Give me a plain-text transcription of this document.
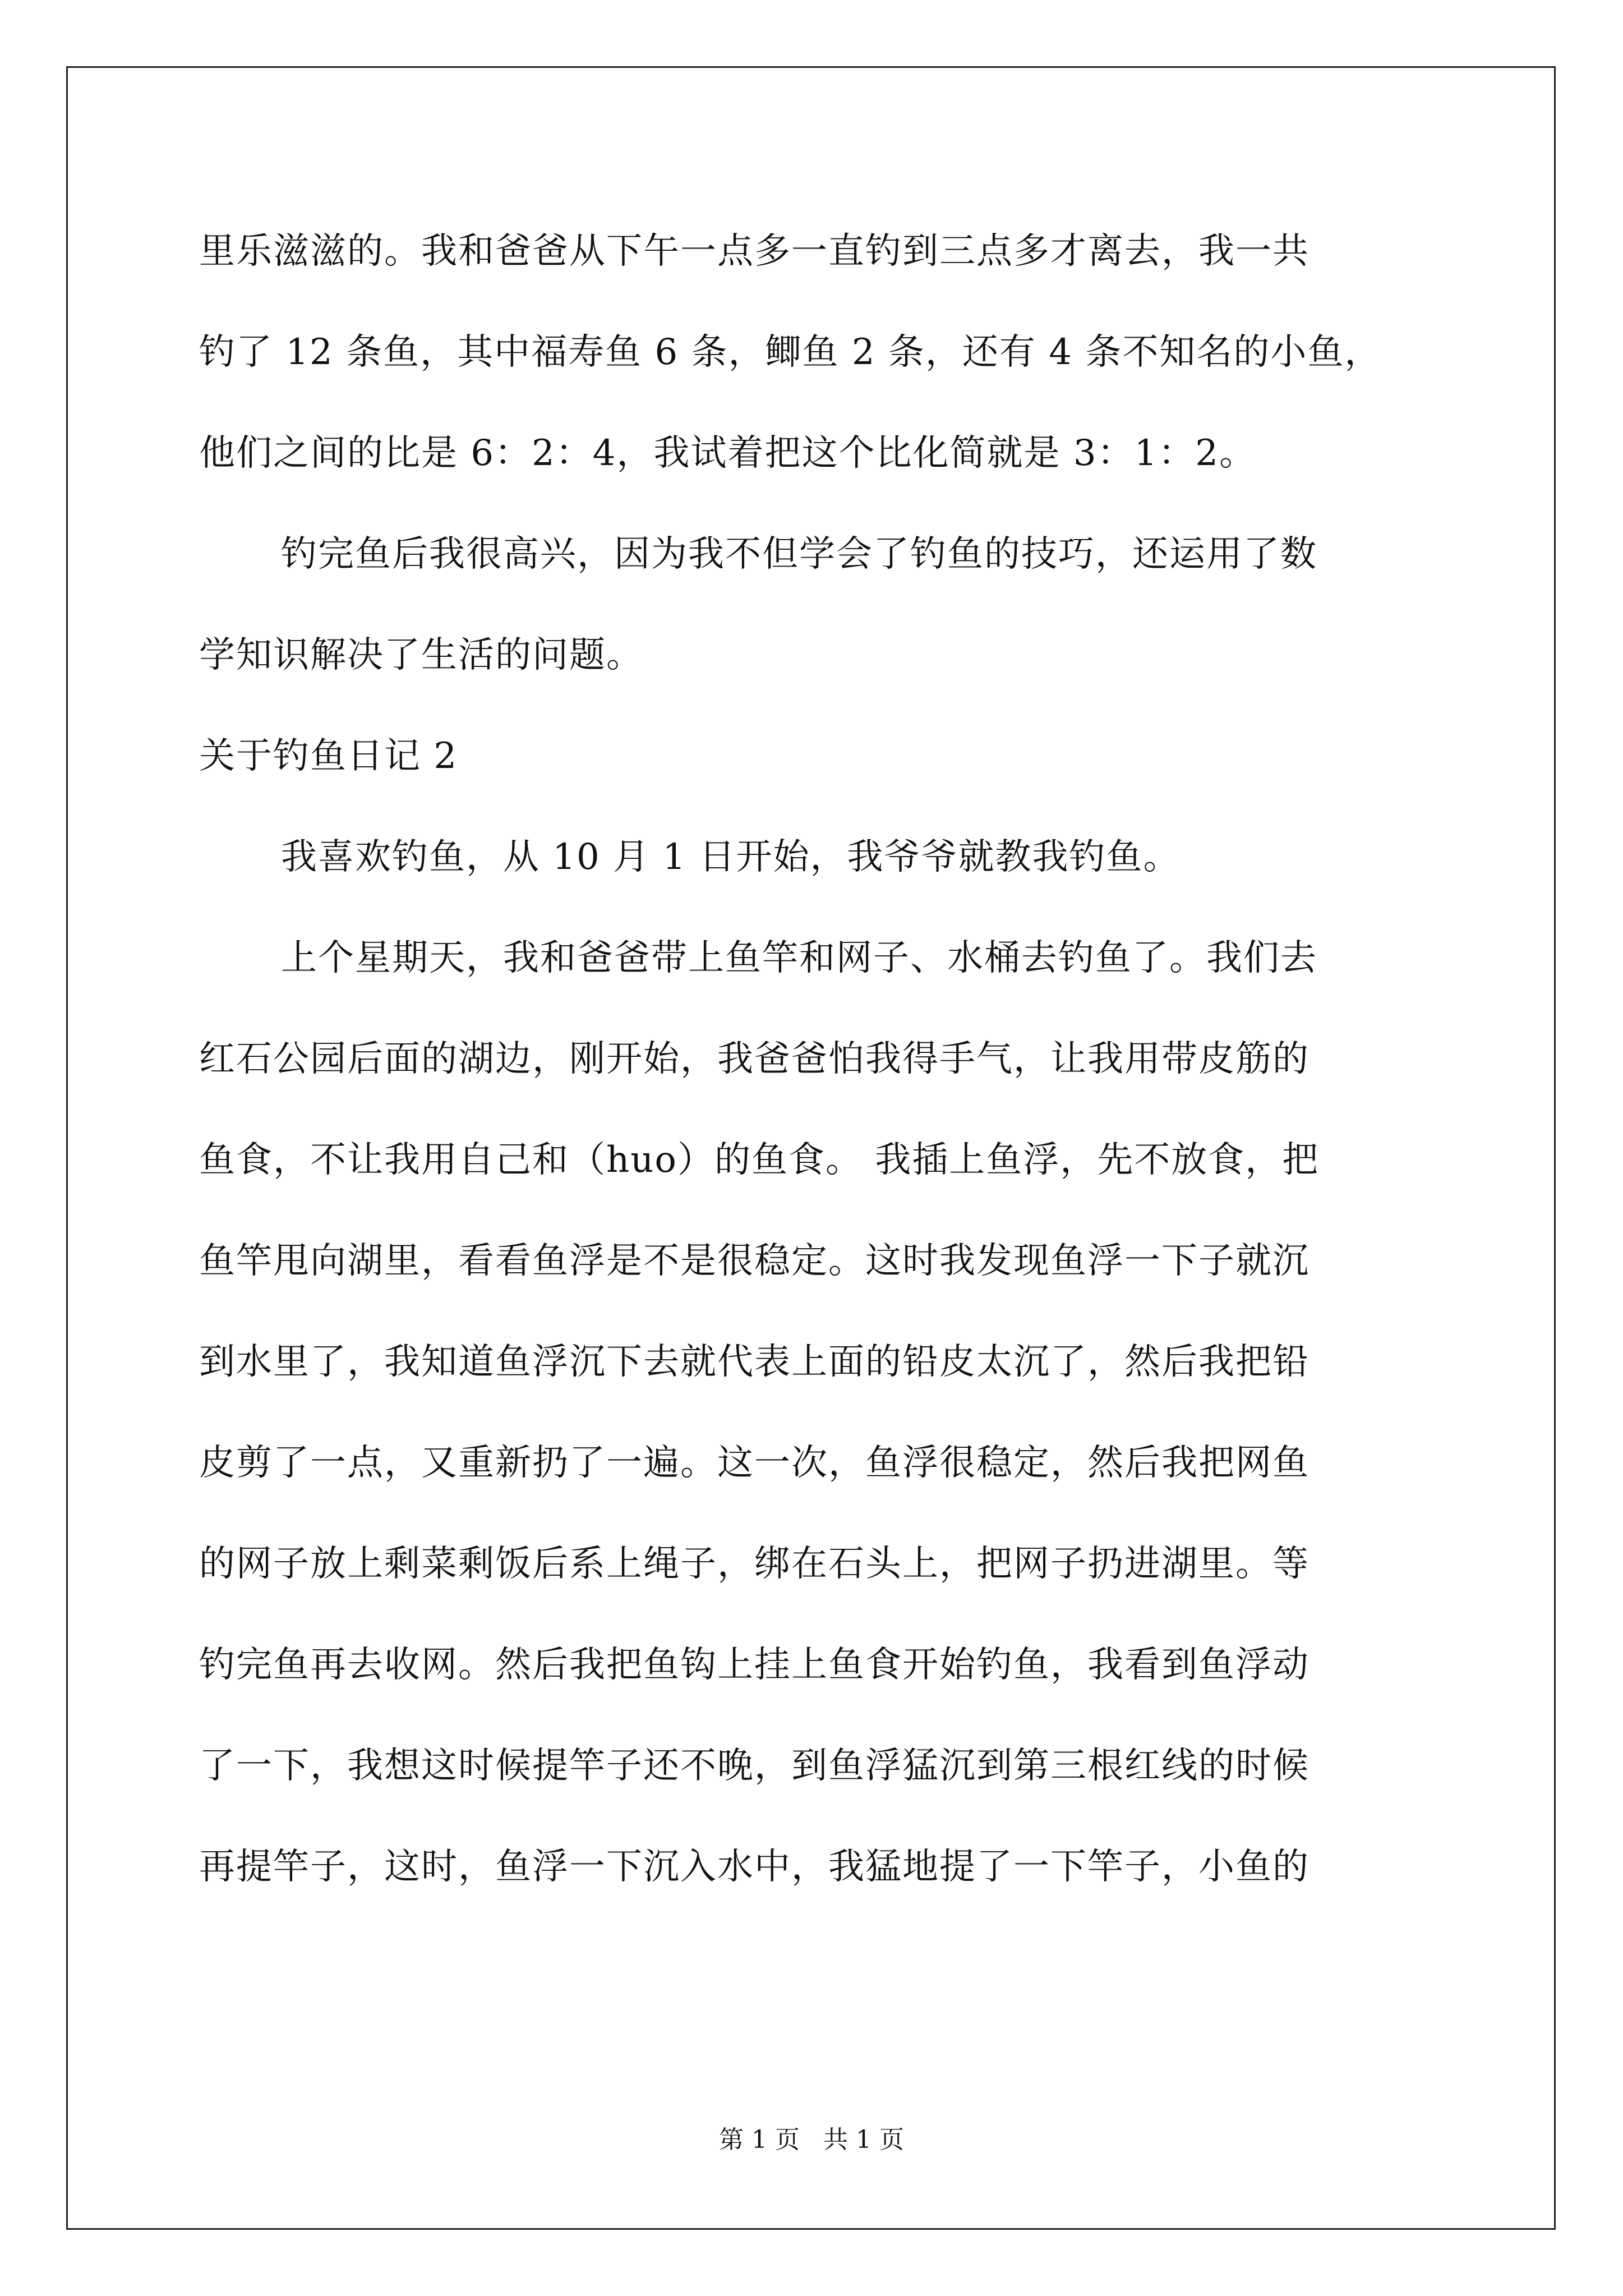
里乐滋滋的。我和爸爸从下午一点多一直钓到三点多才离去，我一共
钓了 12 条鱼，其中福寿鱼 6 条，鲫鱼 2 条，还有 4 条不知名的小鱼，
他们之间的比是 6：2：4，我试着把这个比化简就是 3：1：2。
钓完鱼后我很高兴，因为我不但学会了钓鱼的技巧，还运用了数
学知识解决了生活的问题。
关于钓鱼日记 2
我喜欢钓鱼，从 10 月 1 日开始，我爷爷就教我钓鱼。
上个星期天，我和爸爸带上鱼竿和网子、水桶去钓鱼了。我们去
红石公园后面的湖边，刚开始，我爸爸怕我得手气，让我用带皮筋的
鱼食，不让我用自己和（huo）的鱼食。 我插上鱼浮，先不放食，把
鱼竿甩向湖里，看看鱼浮是不是很稳定。这时我发现鱼浮一下子就沉
到水里了，我知道鱼浮沉下去就代表上面的铅皮太沉了，然后我把铅
皮剪了一点，又重新扔了一遍。这一次，鱼浮很稳定，然后我把网鱼
的网子放上剩菜剩饭后系上绳子，绑在石头上，把网子扔进湖里。等
钓完鱼再去收网。然后我把鱼钩上挂上鱼食开始钓鱼，我看到鱼浮动
了一下，我想这时候提竿子还不晚，到鱼浮猛沉到第三根红线的时候
再提竿子，这时，鱼浮一下沉入水中，我猛地提了一下竿子，小鱼的
第 1 页   共 1 页
